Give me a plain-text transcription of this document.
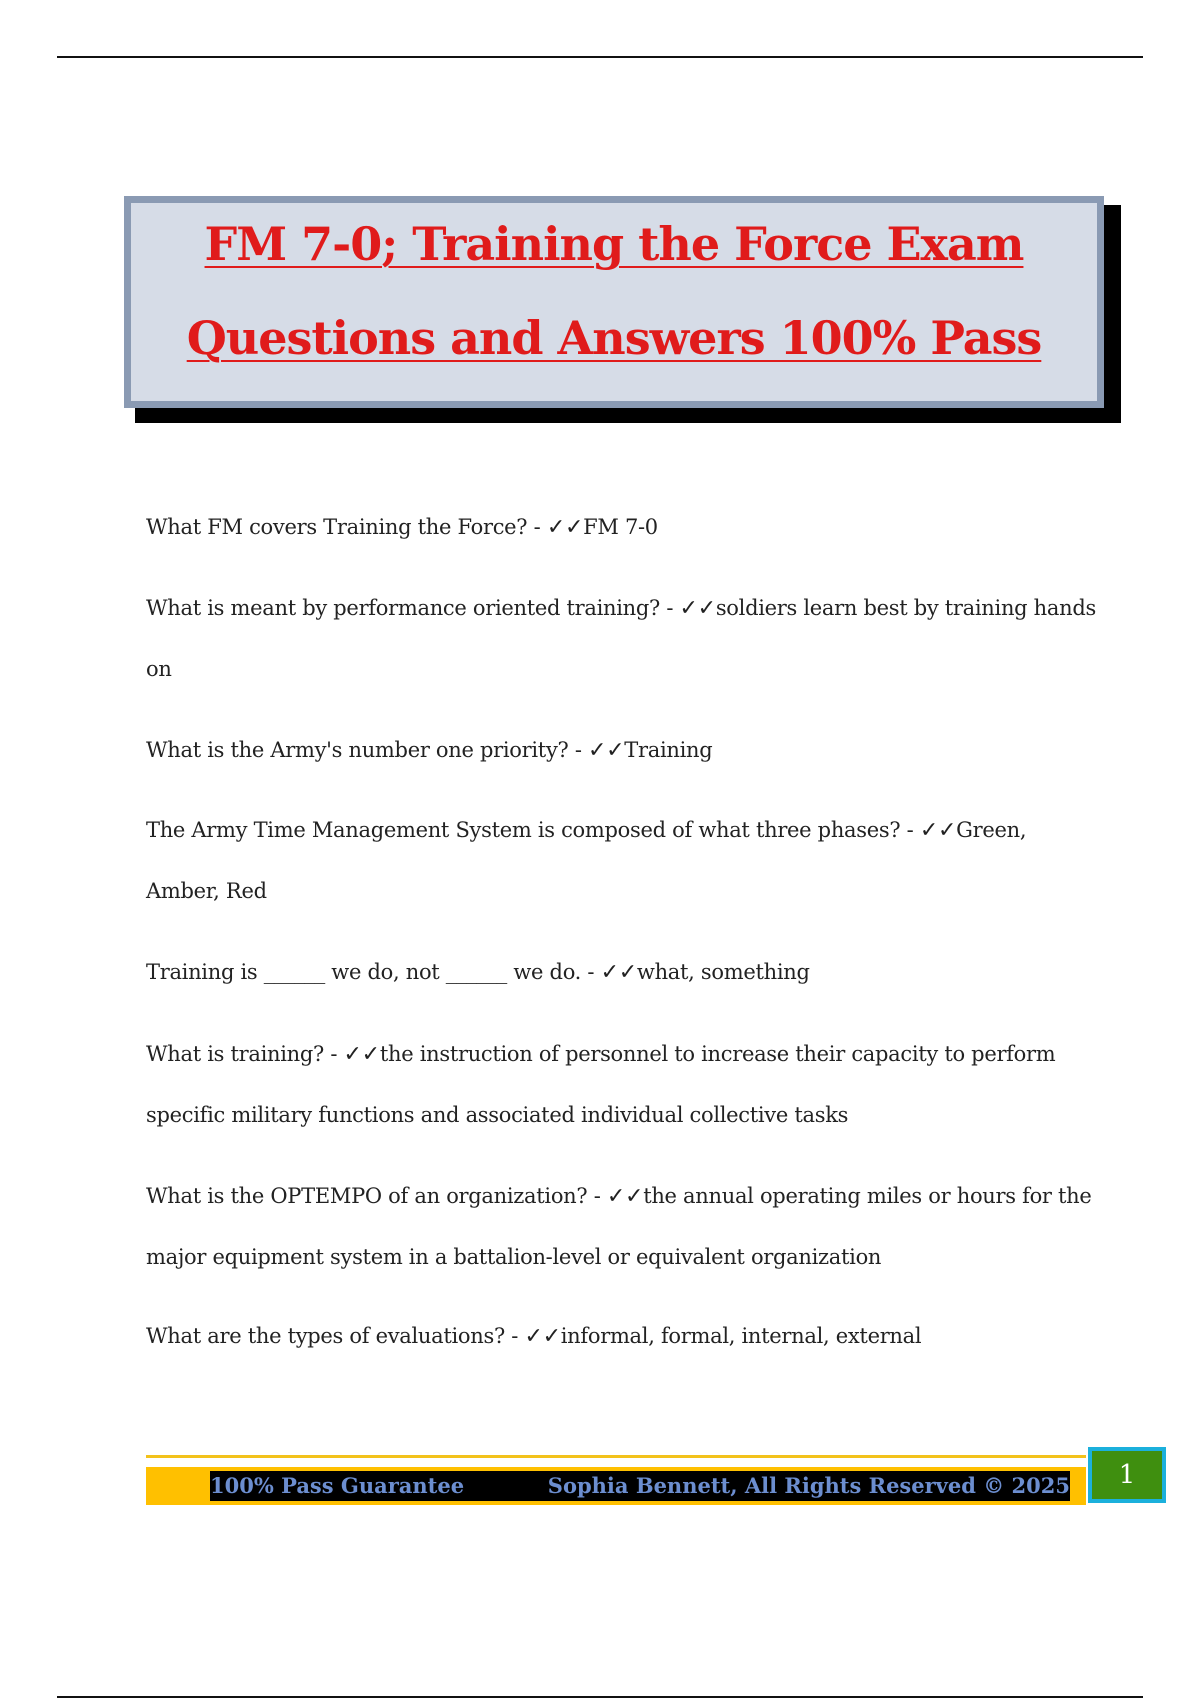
FM 7-0; Training the Force Exam
Questions and Answers 100% Pass
What FM covers Training the Force? - ✓✓FM 7-0
What is meant by performance oriented training? - ✓✓soldiers learn best by training hands on
What is the Army's number one priority? - ✓✓Training
The Army Time Management System is composed of what three phases? - ✓✓Green, Amber, Red
Training is ______ we do, not ______ we do. - ✓✓what, something
What is training? - ✓✓the instruction of personnel to increase their capacity to perform specific military functions and associated individual collective tasks
What is the OPTEMPO of an organization? - ✓✓the annual operating miles or hours for the major equipment system in a battalion-level or equivalent organization
What are the types of evaluations? - ✓✓informal, formal, internal, external
100% Pass Guarantee	Sophia Bennett, All Rights Reserved © 2025	1
